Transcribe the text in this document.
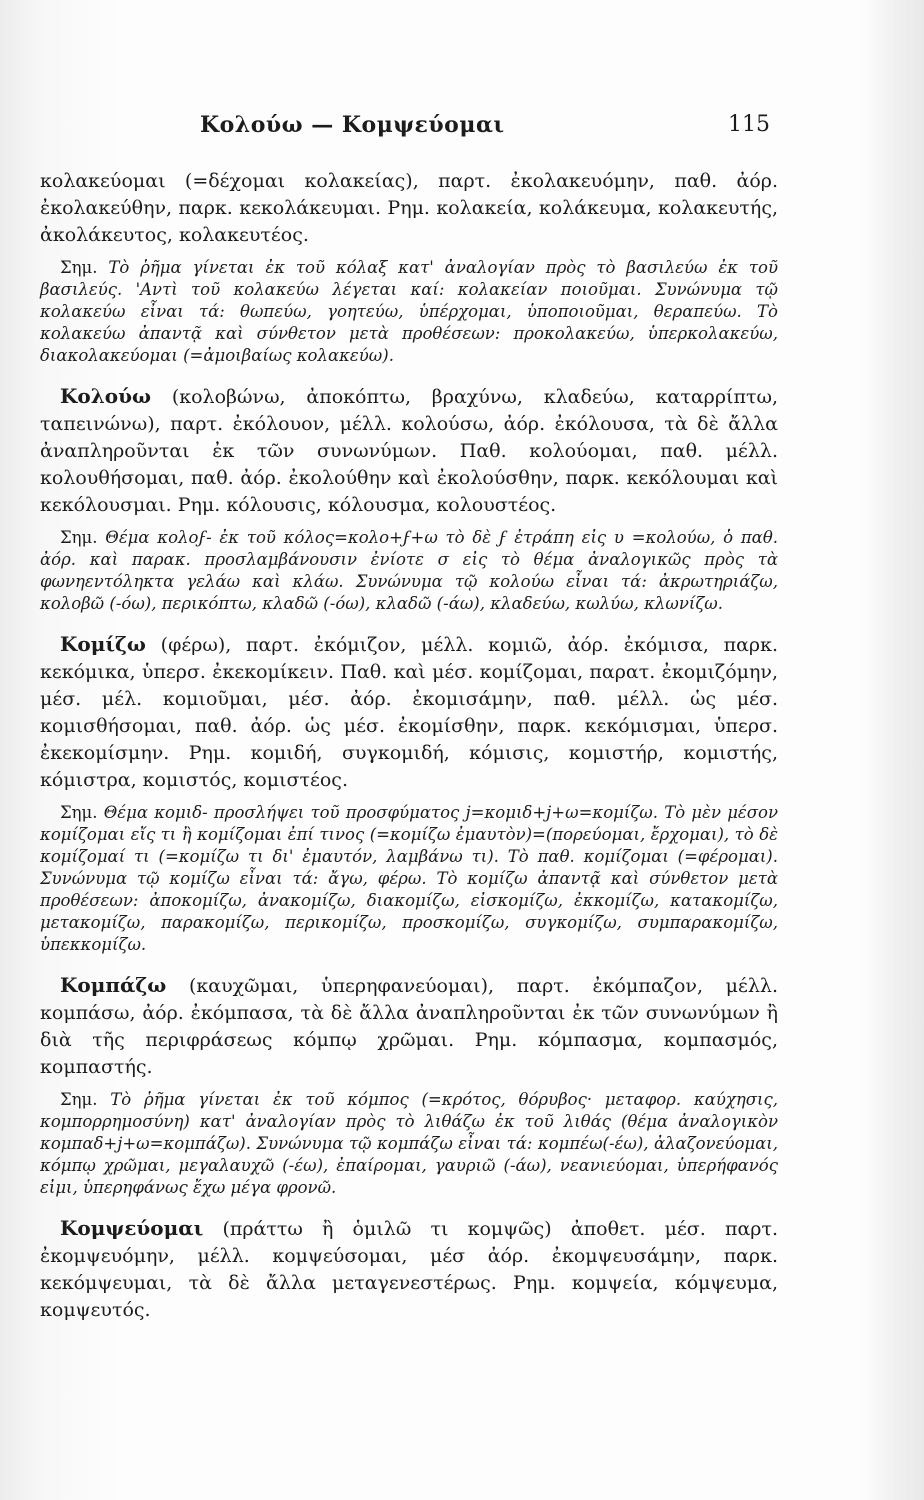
Κολούω — Κομψεύομαι	115

κολακεύομαι (=δέχομαι κολακείας), παρτ. ἐκολακευόμην, παθ. ἀόρ. ἐκολακεύθην, παρκ. κεκολάκευμαι. Ρημ. κολακεία, κολάκευμα, κολακευτής, ἀκολάκευτος, κολακευτέος.

Σημ. Τὸ ῥῆμα γίνεται ἐκ τοῦ κόλαξ κατ' ἀναλογίαν πρὸς τὸ βασιλεύω ἐκ τοῦ βασιλεύς. 'Αντὶ τοῦ κολακεύω λέγεται καί: κολακείαν ποιοῦμαι. Συνώνυμα τῷ κολακεύω εἶναι τά: θωπεύω, γοητεύω, ὑπέρχομαι, ὑποποιοῦμαι, θεραπεύω. Τὸ κολακεύω ἀπαντᾷ καὶ σύνθετον μετὰ προθέσεων: προκολακεύω, ὑπερκολακεύω, διακολακεύομαι (=ἀμοιβαίως κολακεύω).

Κολούω (κολοβώνω, ἀποκόπτω, βραχύνω, κλαδεύω, καταρρίπτω, ταπεινώνω), παρτ. ἐκόλουον, μέλλ. κολούσω, ἀόρ. ἐκόλουσα, τὰ δὲ ἄλλα ἀναπληροῦνται ἐκ τῶν συνωνύμων. Παθ. κολούομαι, παθ. μέλλ. κολουθήσομαι, παθ. ἀόρ. ἐκολούθην καὶ ἐκολούσθην, παρκ. κεκόλουμαι καὶ κεκόλουσμαι. Ρημ. κόλουσις, κόλουσμα, κολουστέος.

Σημ. Θέμα κολοϝ- ἐκ τοῦ κόλος=κολο+ϝ+ω τὸ δὲ ϝ ἐτράπη εἰς υ =κολούω, ὁ παθ. ἀόρ. καὶ παρακ. προσλαμβάνουσιν ἐνίοτε σ εἰς τὸ θέμα ἀναλογικῶς πρὸς τὰ φωνηεντόληκτα γελάω καὶ κλάω. Συνώνυμα τῷ κολούω εἶναι τά: ἀκρωτηριάζω, κολοβῶ (-όω), περικόπτω, κλαδῶ (-όω), κλαδῶ (-άω), κλαδεύω, κωλύω, κλωνίζω.

Κομίζω (φέρω), παρτ. ἐκόμιζον, μέλλ. κομιῶ, ἀόρ. ἐκόμισα, παρκ. κεκόμικα, ὑπερσ. ἐκεκομίκειν. Παθ. καὶ μέσ. κομίζομαι, παρατ. ἐκομιζόμην, μέσ. μέλ. κομιοῦμαι, μέσ. ἀόρ. ἐκομισάμην, παθ. μέλλ. ὡς μέσ. κομισθήσομαι, παθ. ἀόρ. ὡς μέσ. ἐκομίσθην, παρκ. κεκόμισμαι, ὑπερσ. ἐκεκομίσμην. Ρημ. κομιδή, συγκομιδή, κόμισις, κομιστήρ, κομιστής, κόμιστρα, κομιστός, κομιστέος.

Σημ. Θέμα κομιδ- προσλήψει τοῦ προσφύματος j=κομιδ+j+ω=κομίζω. Τὸ μὲν μέσον κομίζομαι εἴς τι ἢ κομίζομαι ἐπί τινος (=κομίζω ἐμαυτὸν)=(πορεύομαι, ἔρχομαι), τὸ δὲ κομίζομαί τι (=κομίζω τι δι' ἐμαυτόν, λαμβάνω τι). Τὸ παθ. κομίζομαι (=φέρομαι). Συνώνυμα τῷ κομίζω εἶναι τά: ἄγω, φέρω. Τὸ κομίζω ἀπαντᾷ καὶ σύνθετον μετὰ προθέσεων: ἀποκομίζω, ἀνακομίζω, διακομίζω, εἰσκομίζω, ἐκκομίζω, κατακομίζω, μετακομίζω, παρακομίζω, περικομίζω, προσκομίζω, συγκομίζω, συμπαρακομίζω, ὑπεκκομίζω.

Κομπάζω (καυχῶμαι, ὑπερηφανεύομαι), παρτ. ἐκόμπαζον, μέλλ. κομπάσω, ἀόρ. ἐκόμπασα, τὰ δὲ ἄλλα ἀναπληροῦνται ἐκ τῶν συνωνύμων ἢ διὰ τῆς περιφράσεως κόμπῳ χρῶμαι. Ρημ. κόμπασμα, κομπασμός, κομπαστής.

Σημ. Τὸ ῥῆμα γίνεται ἐκ τοῦ κόμπος (=κρότος, θόρυβος· μεταφορ. καύχησις, κομπορρημοσύνη) κατ' ἀναλογίαν πρὸς τὸ λιθάζω ἐκ τοῦ λιθάς (θέμα ἀναλογικὸν κομπαδ+j+ω=κομπάζω). Συνώνυμα τῷ κομπάζω εἶναι τά: κομπέω(-έω), ἀλαζονεύομαι, κόμπῳ χρῶμαι, μεγαλαυχῶ (-έω), ἐπαίρομαι, γαυριῶ (-άω), νεανιεύομαι, ὑπερήφανός εἰμι, ὑπερηφάνως ἔχω μέγα φρονῶ.

Κομψεύομαι (πράττω ἢ ὁμιλῶ τι κομψῶς) ἀποθετ. μέσ. παρτ. ἐκομψευόμην, μέλλ. κομψεύσομαι, μέσ ἀόρ. ἐκομψευσάμην, παρκ. κεκόμψευμαι, τὰ δὲ ἄλλα μεταγενεστέρως. Ρημ. κομψεία, κόμψευμα, κομψευτός.
